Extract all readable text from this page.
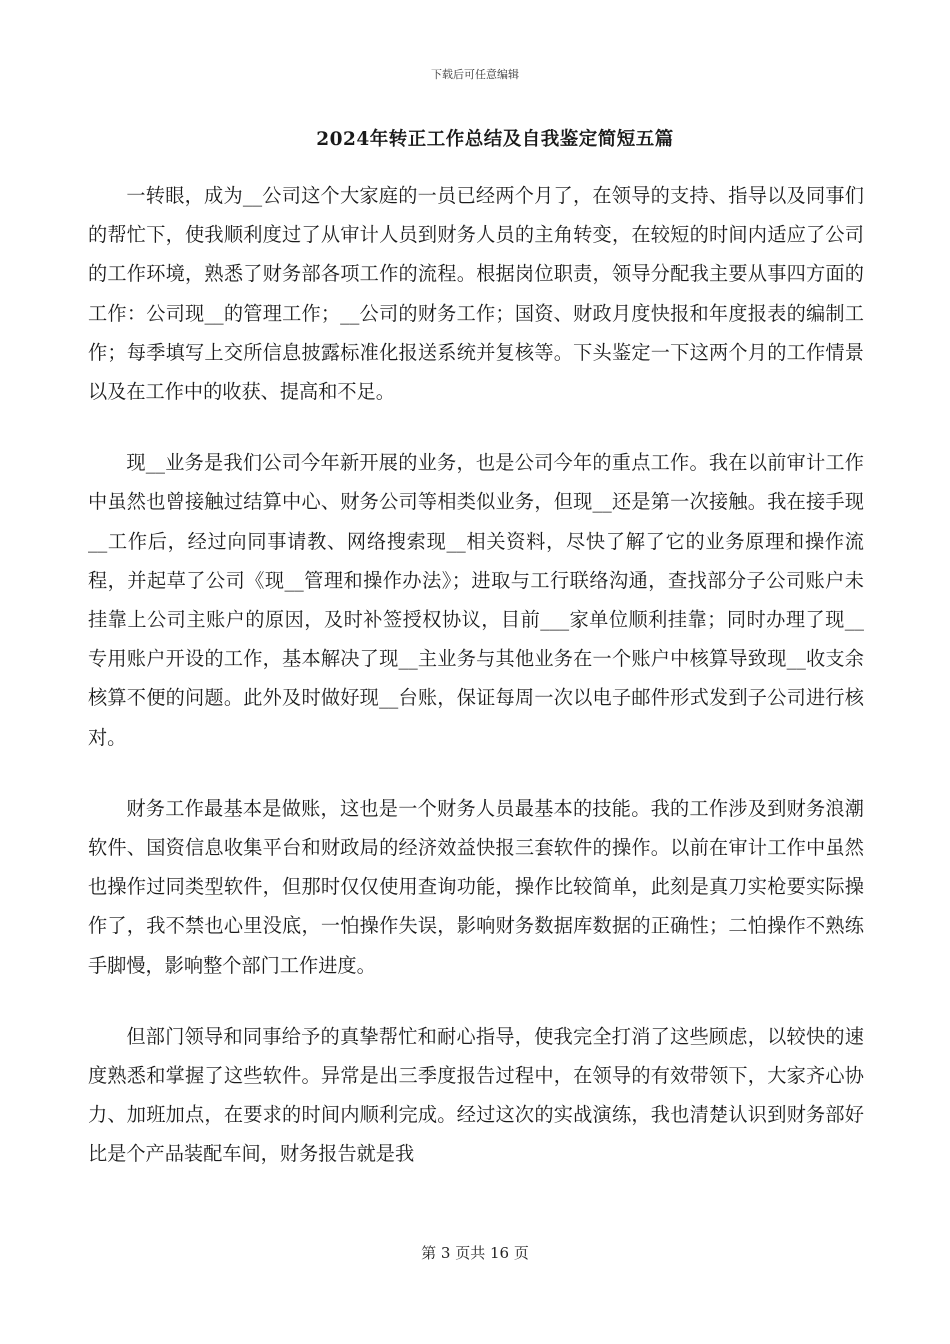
下载后可任意编辑
2024年转正工作总结及自我鉴定简短五篇

一转眼，成为__公司这个大家庭的一员已经两个月了，在领导的支持、指导以及同事们的帮忙下，使我顺利度过了从审计人员到财务人员的主角转变，在较短的时间内适应了公司的工作环境，熟悉了财务部各项工作的流程。根据岗位职责，领导分配我主要从事四方面的工作：公司现__的管理工作；__公司的财务工作；国资、财政月度快报和年度报表的编制工作；每季填写上交所信息披露标准化报送系统并复核等。下头鉴定一下这两个月的工作情景以及在工作中的收获、提高和不足。

现__业务是我们公司今年新开展的业务，也是公司今年的重点工作。我在以前审计工作中虽然也曾接触过结算中心、财务公司等相类似业务，但现__还是第一次接触。我在接手现__工作后，经过向同事请教、网络搜索现__相关资料，尽快了解了它的业务原理和操作流程，并起草了公司《现__管理和操作办法》；进取与工行联络沟通，查找部分子公司账户未挂靠上公司主账户的原因，及时补签授权协议，目前___家单位顺利挂靠；同时办理了现__专用账户开设的工作，基本解决了现__主业务与其他业务在一个账户中核算导致现__收支余核算不便的问题。此外及时做好现__台账，保证每周一次以电子邮件形式发到子公司进行核对。

财务工作最基本是做账，这也是一个财务人员最基本的技能。我的工作涉及到财务浪潮软件、国资信息收集平台和财政局的经济效益快报三套软件的操作。以前在审计工作中虽然也操作过同类型软件，但那时仅仅使用查询功能，操作比较简单，此刻是真刀实枪要实际操作了，我不禁也心里没底，一怕操作失误，影响财务数据库数据的正确性；二怕操作不熟练手脚慢，影响整个部门工作进度。

但部门领导和同事给予的真挚帮忙和耐心指导，使我完全打消了这些顾虑，以较快的速度熟悉和掌握了这些软件。异常是出三季度报告过程中，在领导的有效带领下，大家齐心协力、加班加点，在要求的时间内顺利完成。经过这次的实战演练，我也清楚认识到财务部好比是个产品装配车间，财务报告就是我

第 3 页共 16 页
